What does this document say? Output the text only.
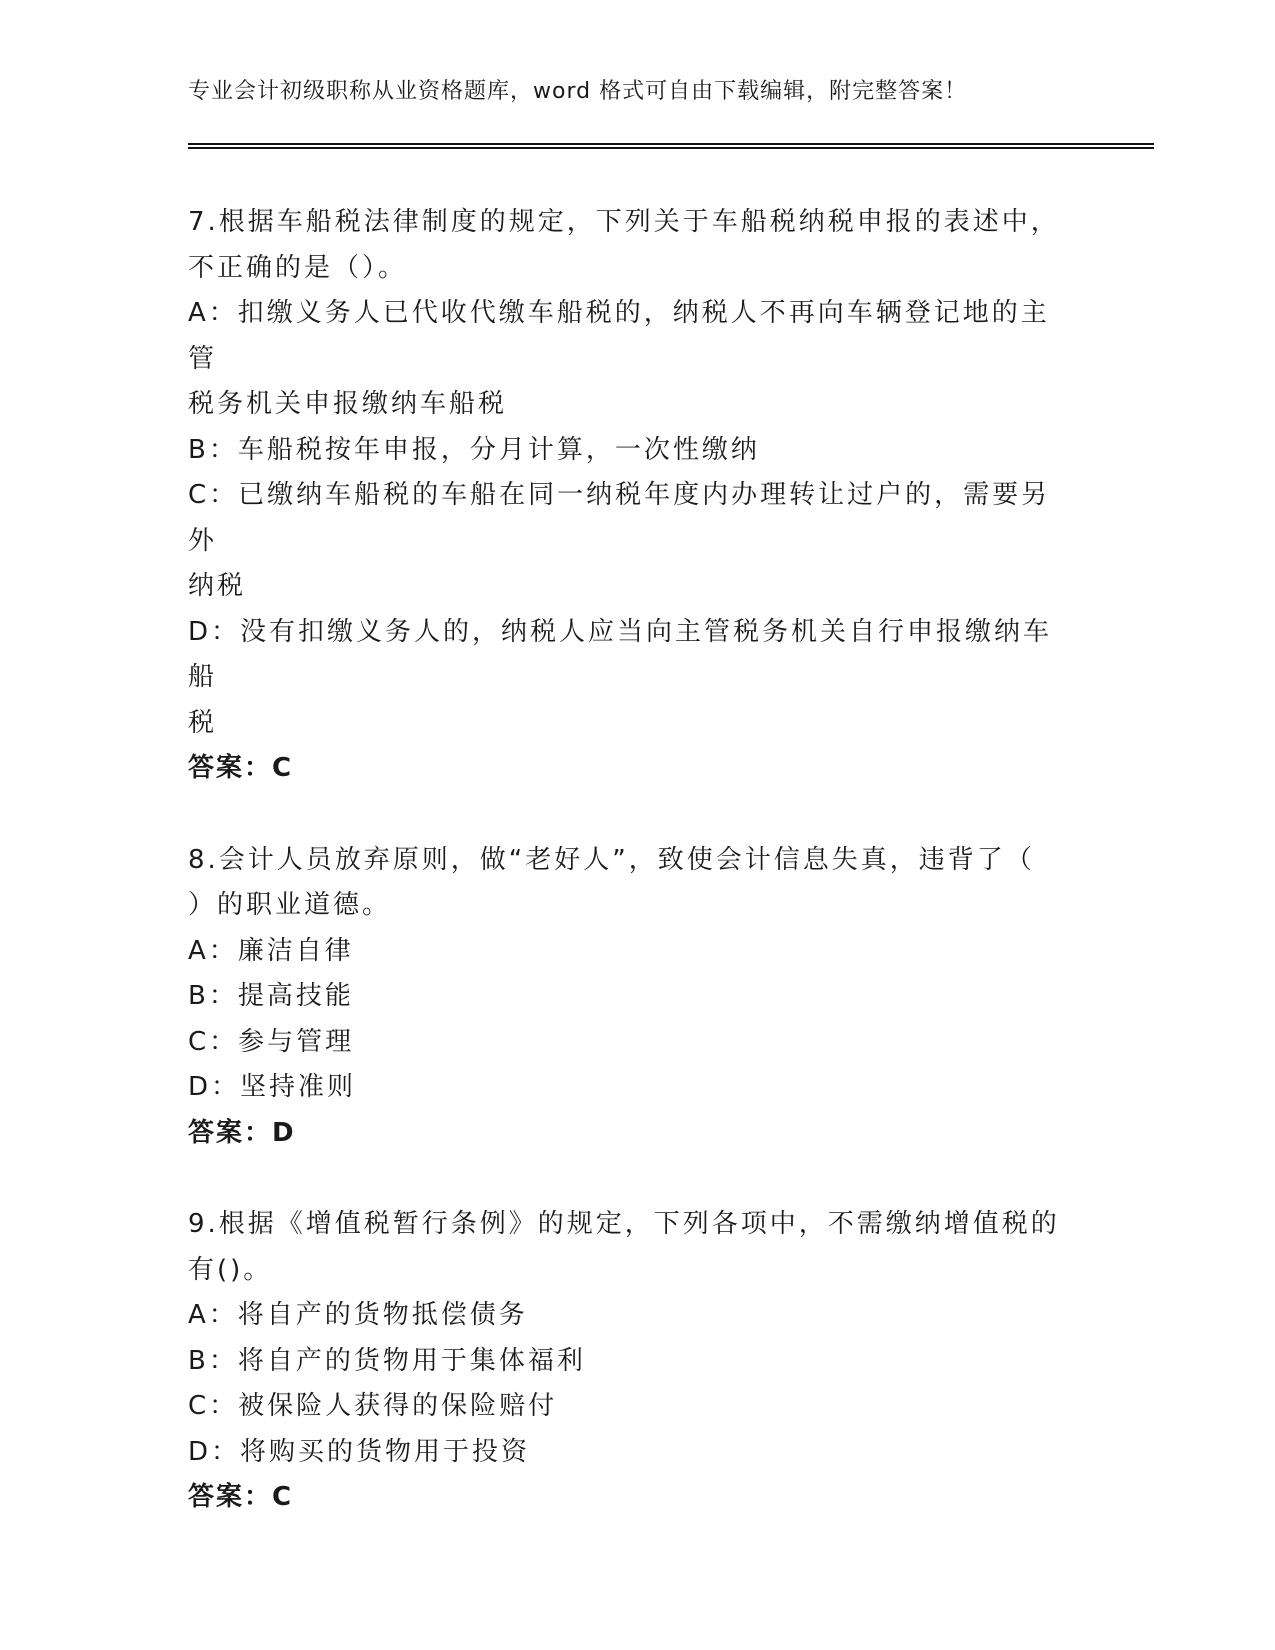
专业会计初级职称从业资格题库，word 格式可自由下载编辑，附完整答案！

7.根据车船税法律制度的规定，下列关于车船税纳税申报的表述中，

不正确的是（）。

A：扣缴义务人已代收代缴车船税的，纳税人不再向车辆登记地的主管

税务机关申报缴纳车船税

B：车船税按年申报，分月计算，一次性缴纳

C：已缴纳车船税的车船在同一纳税年度内办理转让过户的，需要另外

纳税

D：没有扣缴义务人的，纳税人应当向主管税务机关自行申报缴纳车船

税

答案：C

8.会计人员放弃原则，做“老好人”，致使会计信息失真，违背了（

）的职业道德。

A：廉洁自律

B：提高技能

C：参与管理

D：坚持准则

答案：D

9.根据《增值税暂行条例》的规定，下列各项中，不需缴纳增值税的

有()。

A：将自产的货物抵偿债务

B：将自产的货物用于集体福利

C：被保险人获得的保险赔付

D：将购买的货物用于投资

答案：C
